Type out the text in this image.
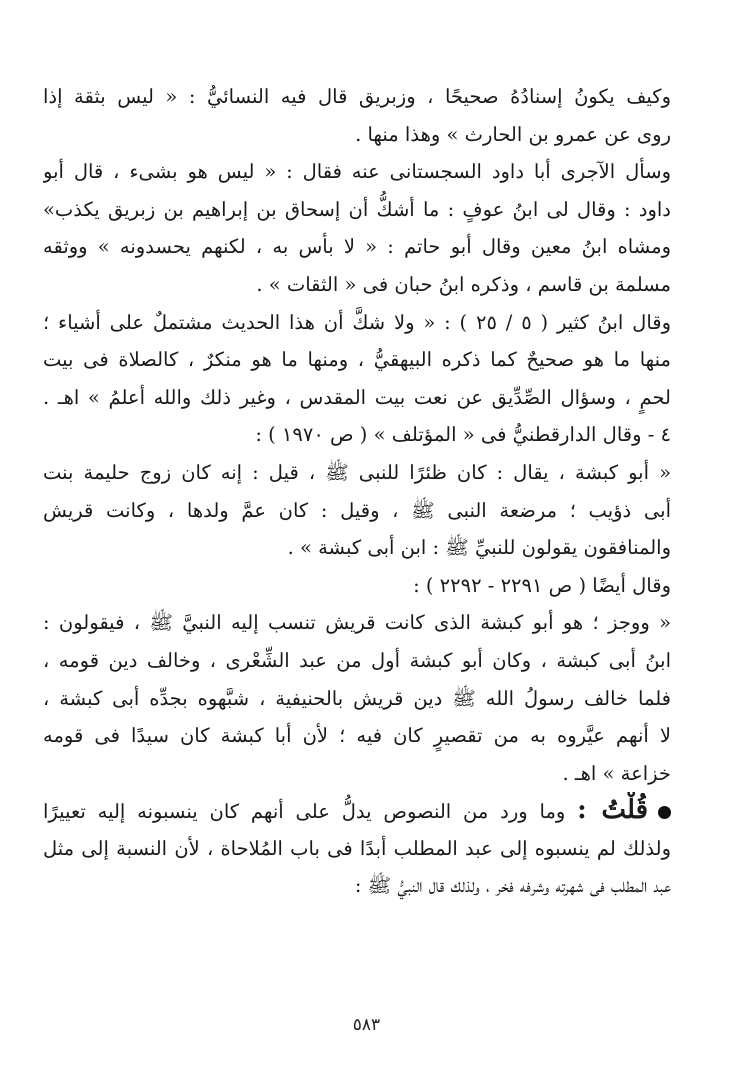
وكيف يكونُ إسنادُهُ صحيحًا ، وزبريق قال فيه النسائيُّ : « ليس بثقة إذا
روى عن عمرو بن الحارث » وهذا منها .
وسأل الآجرى أبا داود السجستانى عنه فقال : « ليس هو بشىء ، قال أبو
داود : وقال لى ابنُ عوفٍ : ما أشكُّ أن إسحاق بن إبراهيم بن زبريق يكذب»
ومشاه ابنُ معين وقال أبو حاتم : « لا بأس به ، لكنهم يحسدونه » ووثقه
مسلمة بن قاسم ، وذكره ابنُ حبان فى « الثقات » .
وقال ابنُ كثير ( ٥ / ٢٥ ) : « ولا شكَّ أن هذا الحديث مشتملٌ على أشياء ؛
منها ما هو صحيحٌ كما ذكره البيهقيُّ ، ومنها ما هو منكرٌ ، كالصلاة فى بيت
لحمٍ ، وسؤال الصِّدِّيق عن نعت بيت المقدس ، وغير ذلك والله أعلمُ » اهـ .
٤ - وقال الدارقطنيُّ فى « المؤتلف » ( ص ١٩٧٠ ) :
« أبو كبشة ، يقال : كان ظئرًا للنبى ﷺ ، قيل : إنه كان زوج حليمة بنت
أبى ذؤيب ؛ مرضعة النبى ﷺ ، وقيل : كان عمَّ ولدها ، وكانت قريش
والمنافقون يقولون للنبيِّ ﷺ : ابن أبى كبشة » .
وقال أيضًا ( ص ٢٢٩١ - ٢٢٩٢ ) :
« ووجز ؛ هو أبو كبشة الذى كانت قريش تنسب إليه النبيَّ ﷺ ، فيقولون :
ابنُ أبى كبشة ، وكان أبو كبشة أول من عبد الشِّعْرى ، وخالف دين قومه ،
فلما خالف رسولُ الله ﷺ دين قريش بالحنيفية ، شبَّهوه بجدِّه أبى كبشة ،
لا أنهم عيَّروه به من تقصيرٍ كان فيه ؛ لأن أبا كبشة كان سيدًا فى قومه
خزاعة » اهـ .
قُلْتُ : وما ورد من النصوص يدلُّ على أنهم كان ينسبونه إليه تعييرًا
ولذلك لم ينسبوه إلى عبد المطلب أبدًا فى باب المُلاحاة ، لأن النسبة إلى مثل
عبد المطلب فى شهرته وشرفه فخر ، ولذلك قال النبيُّ ﷺ :
٥٨٣
